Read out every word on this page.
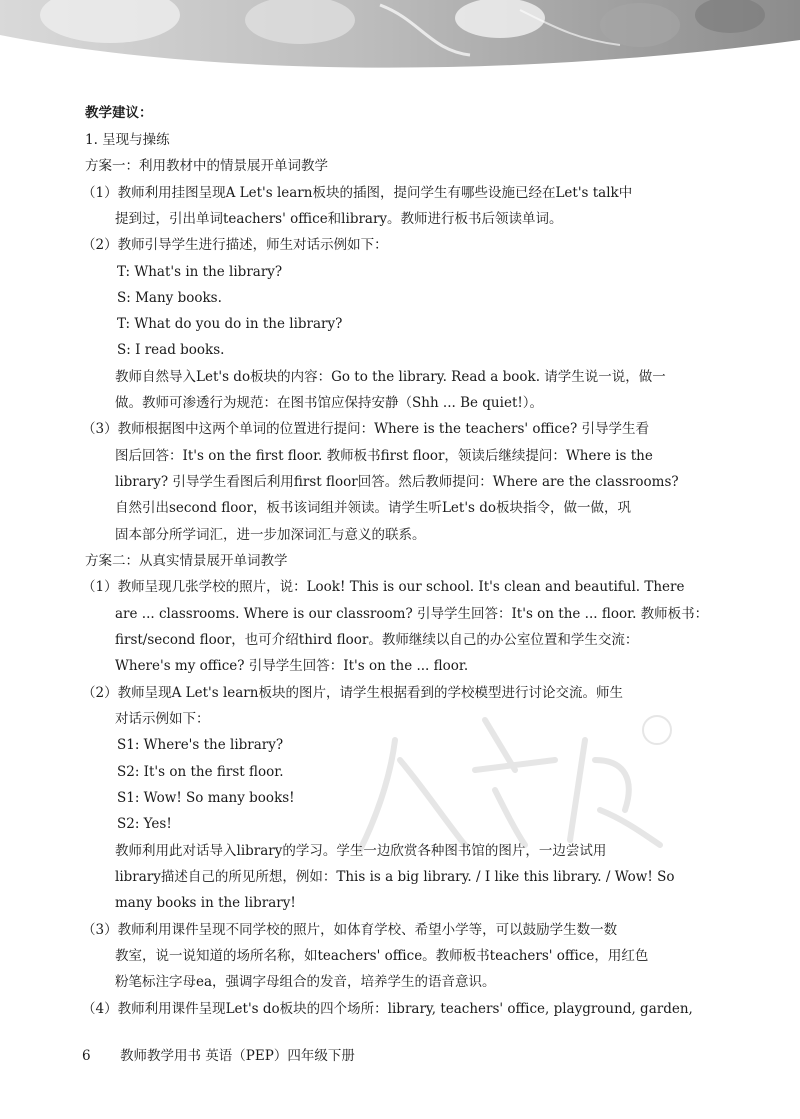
教学建议：
1. 呈现与操练
方案一：利用教材中的情景展开单词教学
（1）教师利用挂图呈现A Let's learn板块的插图，提问学生有哪些设施已经在Let's talk中
提到过，引出单词teachers' office和library。教师进行板书后领读单词。
（2）教师引导学生进行描述，师生对话示例如下：
T: What's in the library?
S: Many books.
T: What do you do in the library?
S: I read books.
教师自然导入Let's do板块的内容：Go to the library. Read a book. 请学生说一说，做一
做。教师可渗透行为规范：在图书馆应保持安静（Shh ... Be quiet!）。
（3）教师根据图中这两个单词的位置进行提问：Where is the teachers' office? 引导学生看
图后回答：It's on the first floor. 教师板书first floor，领读后继续提问：Where is the
library? 引导学生看图后利用first floor回答。然后教师提问：Where are the classrooms?
自然引出second floor，板书该词组并领读。请学生听Let's do板块指令，做一做，巩
固本部分所学词汇，进一步加深词汇与意义的联系。
方案二：从真实情景展开单词教学
（1）教师呈现几张学校的照片，说：Look! This is our school. It's clean and beautiful. There
are ... classrooms. Where is our classroom? 引导学生回答：It's on the ... floor. 教师板书：
first/second floor，也可介绍third floor。教师继续以自己的办公室位置和学生交流：
Where's my office? 引导学生回答：It's on the ... floor.
（2）教师呈现A Let's learn板块的图片，请学生根据看到的学校模型进行讨论交流。师生
对话示例如下：
S1: Where's the library?
S2: It's on the first floor.
S1: Wow! So many books!
S2: Yes!
教师利用此对话导入library的学习。学生一边欣赏各种图书馆的图片，一边尝试用
library描述自己的所见所想，例如：This is a big library. / I like this library. / Wow! So
many books in the library!
（3）教师利用课件呈现不同学校的照片，如体育学校、希望小学等，可以鼓励学生数一数
教室，说一说知道的场所名称，如teachers' office。教师板书teachers' office，用红色
粉笔标注字母ea，强调字母组合的发音，培养学生的语音意识。
（4）教师利用课件呈现Let's do板块的四个场所：library, teachers' office, playground, garden,
6 教师教学用书 英语（PEP）四年级下册
